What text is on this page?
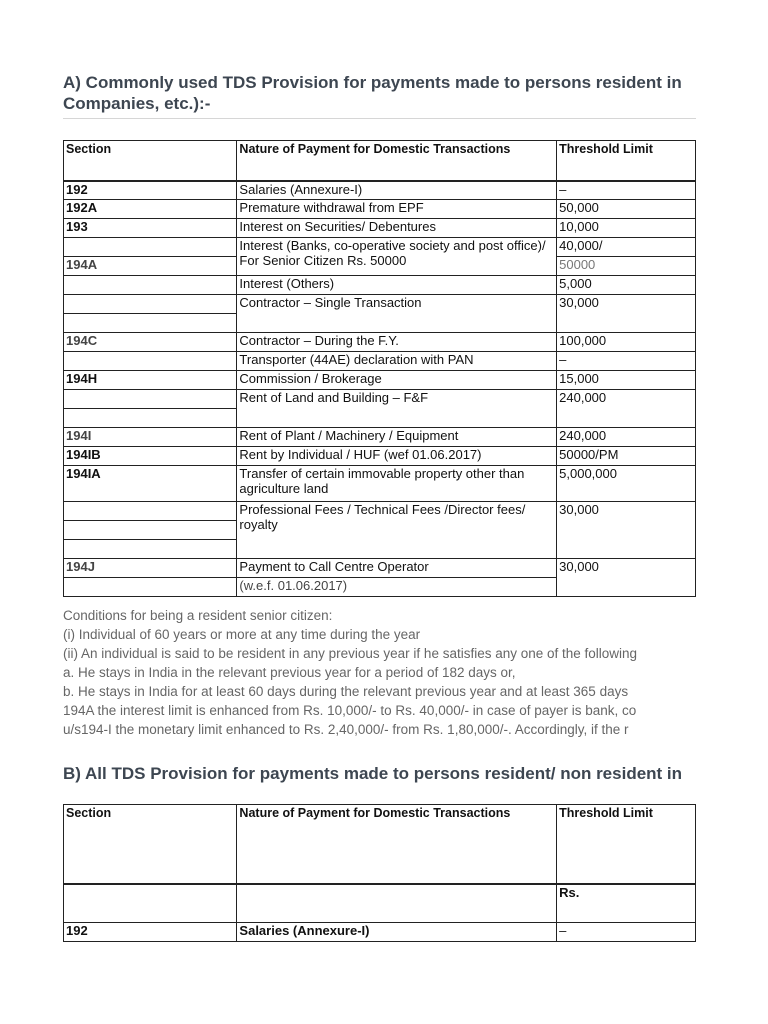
A) Commonly used TDS Provision for payments made to persons resident in
Companies, etc.):-
Section	Nature of Payment for Domestic Transactions	Threshold Limit
192	Salaries (Annexure-I)	–
192A	Premature withdrawal from EPF	50,000
193	Interest on Securities/ Debentures	10,000
	Interest (Banks, co-operative society and post office)/ For Senior Citizen Rs. 50000	40,000/
194A		50000
	Interest (Others)	5,000
	Contractor – Single Transaction	30,000

194C	Contractor – During the F.Y.	100,000
	Transporter (44AE) declaration with PAN	–
194H	Commission / Brokerage	15,000
	Rent of Land and Building – F&F	240,000

194I	Rent of Plant / Machinery / Equipment	240,000
194IB	Rent by Individual / HUF (wef 01.06.2017)	50000/PM
194IA	Transfer of certain immovable property other than agriculture land	5,000,000
	Professional Fees / Technical Fees /Director fees/ royalty	30,000

194J	Payment to Call Centre Operator	30,000
	(w.e.f. 01.06.2017)	
Conditions for being a resident senior citizen:
(i) Individual of 60 years or more at any time during the year
(ii) An individual is said to be resident in any previous year if he satisfies any one of the following
a. He stays in India in the relevant previous year for a period of 182 days or,
b. He stays in India for at least 60 days during the relevant previous year and at least 365 days
194A the interest limit is enhanced from Rs. 10,000/- to Rs. 40,000/- in case of payer is bank, co
u/s194-I the monetary limit enhanced to Rs. 2,40,000/- from Rs. 1,80,000/-. Accordingly, if the r
B) All TDS Provision for payments made to persons resident/ non resident in
Section	Nature of Payment for Domestic Transactions	Threshold Limit
		Rs.
192	Salaries (Annexure-I)	–
